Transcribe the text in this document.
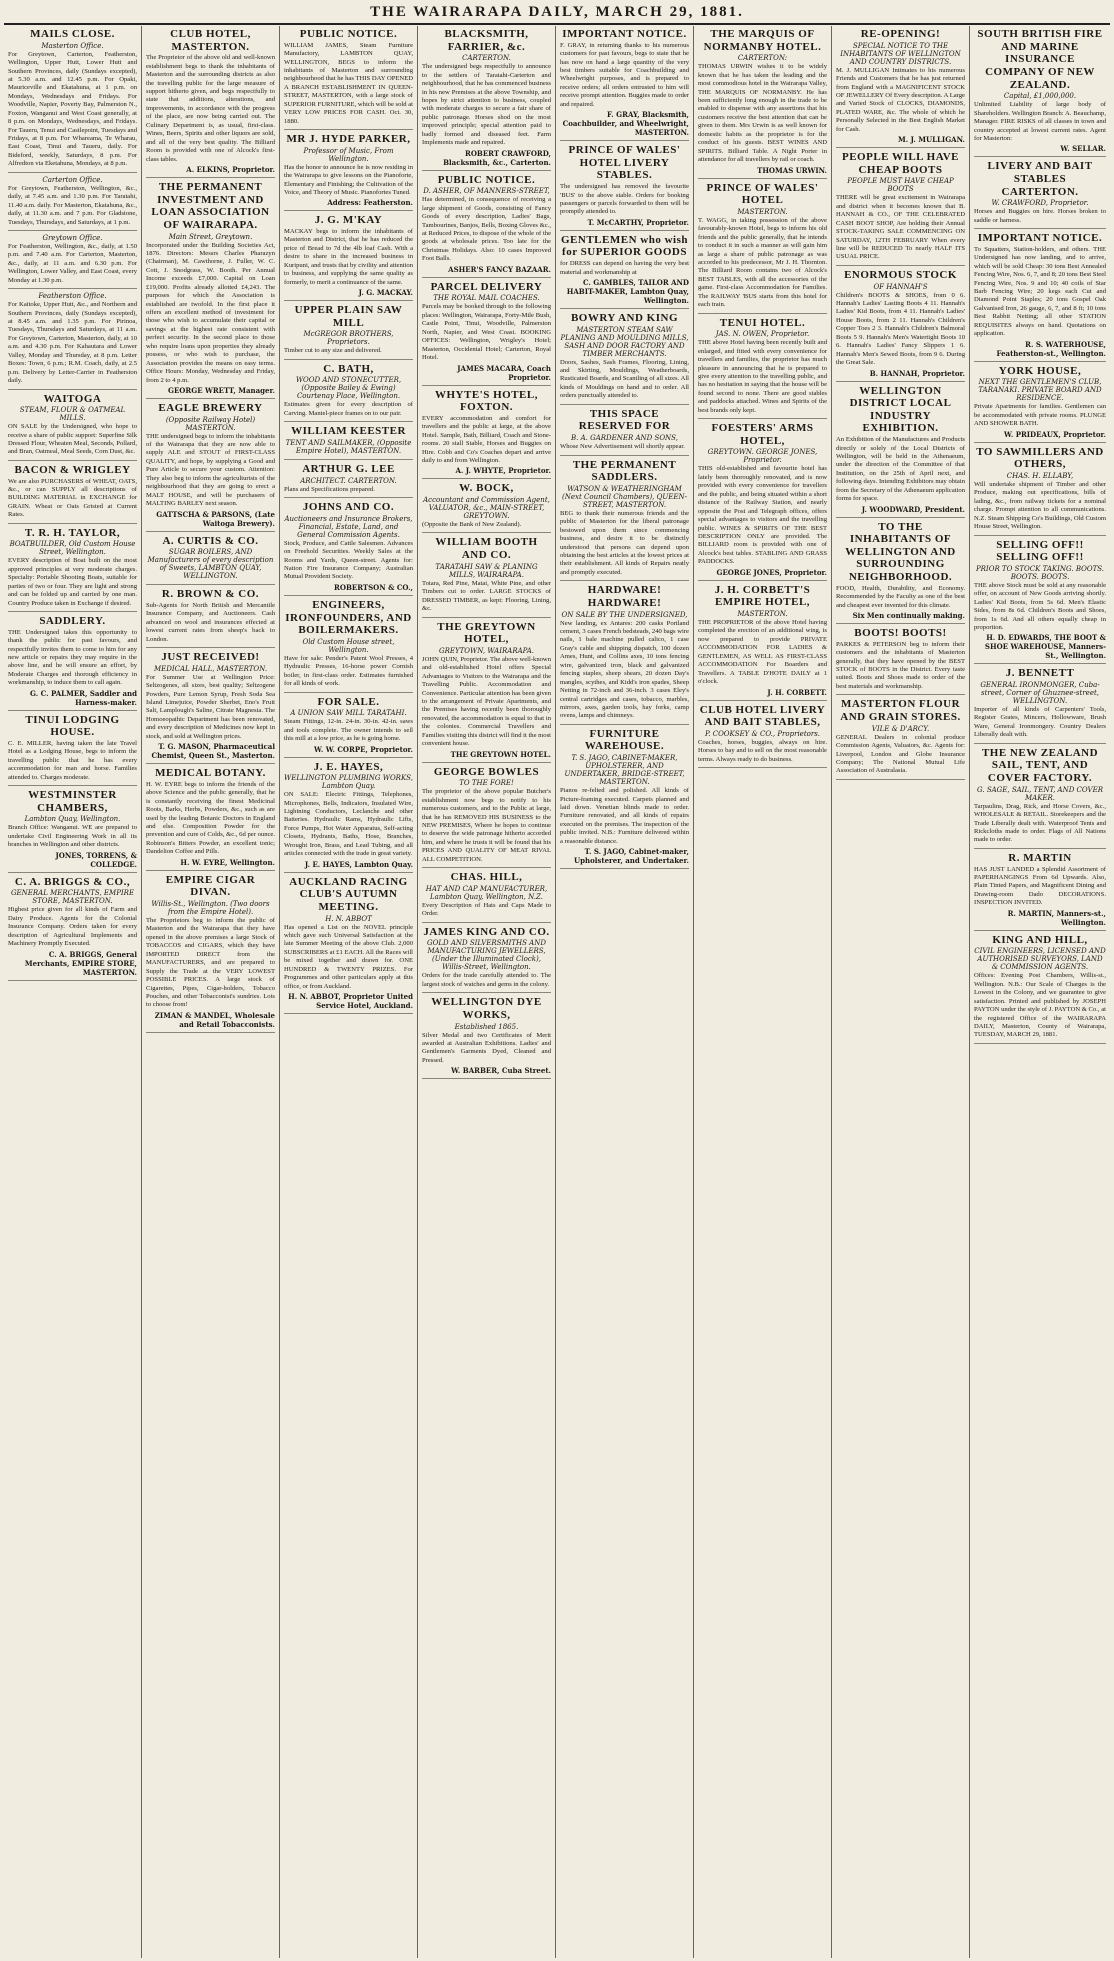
THE WAIRARAPA DAILY, MARCH 29, 1881.
MAILS CLOSE.
Masterton Office.

For Greytown, Carterton, Featherston, Wellington, Upper Hutt, Lower Hutt and Southern Provinces, daily (Sundays excepted), at 5.30 a.m. and 12.45 p.m. For Opaki, Mauriceville and Ekatahuna, at 1 p.m. on Mondays, Wednesdays and Fridays. For Woodville, Napier, Poverty Bay, Palmerston N., Foxton, Wanganui and West Coast generally, at 8 p.m. on Mondays, Wednesdays, and Fridays. For Taueru, Tenui and Castlepoint, Tuesdays and Fridays, at 8 p.m. For Whareama, Te Wharau, East Coast, Tinui and Taueru, daily. For Bideford, weekly, Saturdays, 8 p.m. For Alfredton via Eketahuna, Mondays, at 8 p.m.

Carterton Office.

For Greytown, Featherston, Wellington, &c., daily, at 7.45 a.m. and 1.30 p.m. For Taratahi, 11.40 a.m. daily. For Masterton, Ekatahuna, &c., daily, at 11.30 a.m. and 7 p.m. For Gladstone, Tuesdays, Thursdays, and Saturdays, at 1 p.m.

Greytown Office.

For Featherston, Wellington, &c., daily, at 1.50 p.m. and 7.40 a.m. For Carterton, Masterton, &c., daily, at 11 a.m. and 6.30 p.m. For Wellington, Lower Valley, and East Coast, every Monday at 1.30 p.m.

Featherston Office.

For Kaitoke, Upper Hutt, &c., and Northern and Southern Provinces, daily (Sundays excepted), at 8.45 a.m. and 1.35 p.m. For Pirinoa, Tuesdays, Thursdays and Saturdays, at 11 a.m. For Greytown, Carterton, Masterton, daily, at 10 a.m. and 4.30 p.m. For Kahautara and Lower Valley, Monday and Thursday, at 8 p.m. Letter Boxes: Town, 6 p.m.; R.M. Coach, daily, at 2.5 p.m. Delivery by Letter-Carrier in Featherston daily.

WAITOGA
STEAM, FLOUR & OATMEAL MILLS.

ON SALE by the Undersigned, who hope to receive a share of public support: Superfine Silk Dressed Flour, Wheaten Meal, Seconds, Pollard, and Bran, Oatmeal, Meal Seeds, Corn Dust, &c.

BACON & WRIGLEY

We are also PURCHASERS of WHEAT, OATS, &c., or can SUPPLY all descriptions of BUILDING MATERIAL in EXCHANGE for GRAIN. Wheat or Oats Gristed at Current Rates.

T. R. H. TAYLOR,
BOATBUILDER, Old Custom House Street, Wellington.

EVERY description of Boat built on the most approved principles at very moderate charges. Specialty: Portable Shooting Boats, suitable for parties of two or four. They are light and strong and can be folded up and carried by one man. Country Produce taken in Exchange if desired.

SADDLERY.

THE Undersigned takes this opportunity to thank the public for past favours, and respectfully invites them to come to him for any new article or repairs they may require in the above line, and he will ensure an effort, by Moderate Charges and thorough efficiency in workmanship, to induce them to call again.

G. C. PALMER, Saddler and Harness-maker.
TINUI LODGING HOUSE.

C. E. MILLER, having taken the late Travel Hotel as a Lodging House, begs to inform the travelling public that he has every accommodation for man and horse. Families attended to. Charges moderate.

WESTMINSTER CHAMBERS,
Lambton Quay, Wellington.

Branch Office: Wanganui. WE are prepared to undertake Civil Engineering Work in all its branches in Wellington and other districts.

JONES, TORRENS, & COLLEDGE.
C. A. BRIGGS & CO.,
GENERAL MERCHANTS, EMPIRE STORE, MASTERTON.

Highest price given for all kinds of Farm and Dairy Produce. Agents for the Colonial Insurance Company. Orders taken for every description of Agricultural Implements and Machinery Promptly Executed.

C. A. BRIGGS, General Merchants, EMPIRE STORE, MASTERTON.
CLUB HOTEL, MASTERTON.

The Proprietor of the above old and well-known establishment begs to thank the inhabitants of Masterton and the surrounding districts as also the travelling public for the large measure of support hitherto given, and begs respectfully to state that additions, alterations, and improvements, in accordance with the progress of the place, are now being carried out. The Culinary Department is, as usual, first-class. Wines, Beers, Spirits and other liquors are sold, and all of the very best quality. The Billiard Room is provided with one of Alcock's first-class tables.

A. ELKINS, Proprietor.
THE PERMANENT INVESTMENT AND LOAN ASSOCIATION OF WAIRARAPA.
Main Street, Greytown.

Incorporated under the Building Societies Act, 1876. Directors: Messrs Charles Pharazyn (Chairman), M. Cawthorne, J. Fuller, W. C. Cott, J. Snodgrass, W. Booth. Per Annual Income exceeds £7,000. Capital on Loan £19,000. Profits already allotted £4,243. The purposes for which the Association is established are twofold. In the first place it offers an excellent method of investment for those who wish to accumulate their capital or savings at the highest rate consistent with perfect security. In the second place to those who require loans upon properties they already possess, or who wish to purchase, the Association provides the means on easy terms. Office Hours: Monday, Wednesday and Friday, from 2 to 4 p.m.

GEORGE WRETT, Manager.
EAGLE BREWERY
(Opposite Railway Hotel) MASTERTON.

THE undersigned begs to inform the inhabitants of the Wairarapa that they are now able to supply ALE and STOUT of FIRST-CLASS QUALITY, and hope, by supplying a Good and Pure Article to secure your custom. Attention: They also beg to inform the agriculturists of the neighbourhood that they are going to erect a MALT HOUSE, and will be purchasers of MALTING BARLEY next season.

GATTSCHA & PARSONS, (Late Waitoga Brewery).
A. CURTIS & CO.
SUGAR BOILERS, AND Manufacturers of every description of Sweets, LAMBTON QUAY, WELLINGTON.
R. BROWN & CO.

Sub-Agents for North British and Mercantile Insurance Company, and Auctioneers. Cash advanced on wool and insurances effected at lowest current rates from sheep's back to London.

JUST RECEIVED!
MEDICAL HALL, MASTERTON.

For Summer Use at Wellington Price: Seltzogenes, all sizes, best quality; Seltzogene Powders, Pure Lemon Syrup, Fresh Soda Sea Island Limejuice, Powder Sherbet, Eno's Fruit Salt, Lamplough's Saline, Citrate Magnesia. The Homoeopathic Department has been renovated, and every description of Medicines now kept in stock, and sold at Wellington prices.

T. G. MASON, Pharmaceutical Chemist, Queen St., Masterton.
MEDICAL BOTANY.

H. W. EYRE begs to inform the friends of the above Science and the public generally, that he is constantly receiving the finest Medicinal Roots, Barks, Herbs, Powders, &c., such as are used by the leading Botanic Doctors in England and else. Composition Powder for the prevention and cure of Colds, &c., 6d per ounce. Robinson's Bitters Powder, an excellent tonic; Dandelion Coffee and Pills.

H. W. EYRE, Wellington.
EMPIRE CIGAR DIVAN.
Willis-St., Wellington. (Two doors from the Empire Hotel).

The Proprietors beg to inform the public of Masterton and the Wairarapa that they have opened in the above premises a large Stock of TOBACCOS and CIGARS, which they have IMPORTED DIRECT from the MANUFACTURERS, and are prepared to Supply the Trade at the VERY LOWEST POSSIBLE PRICES. A large stock of Cigarettes, Pipes, Cigar-holders, Tobacco Pouches, and other Tobacconist's sundries. Lots to choose from!

ZIMAN & MANDEL, Wholesale and Retail Tobacconists.
PUBLIC NOTICE.

WILLIAM JAMES, Steam Furniture Manufactory, LAMBTON QUAY, WELLINGTON, BEGS to inform the inhabitants of Masterton and surrounding neighbourhood that he has THIS DAY OPENED A BRANCH ESTABLISHMENT IN QUEEN-STREET, MASTERTON, with a large stock of SUPERIOR FURNITURE, which will be sold at VERY LOW PRICES FOR CASH. Oct. 30, 1880.

MR J. HYDE PARKER,
Professor of Music, From Wellington.

Has the honor to announce he is now residing in the Wairarapa to give lessons on the Pianoforte, Elementary and Finishing; the Cultivation of the Voice, and Theory of Music. Pianofortes Tuned.

Address: Featherston.
J. G. M'KAY

MACKAY begs to inform the inhabitants of Masterton and District, that he has reduced the price of Bread to 7d the 4lb loaf Cash. With a desire to share in the increased business in Kuripuni, and trusts that by civility and attention to business, and supplying the same quality as formerly, to merit a continuance of the same.

J. G. MACKAY.
UPPER PLAIN SAW MILL
McGREGOR BROTHERS, Proprietors.

Timber cut to any size and delivered.

C. BATH,
WOOD AND STONECUTTER, (Opposite Bailey & Ewing) Courtenay Place, Wellington.

Estimates given for every description of Carving. Mantel-piece frames on to our pair.

WILLIAM KEESTER
TENT AND SAILMAKER, (Opposite Empire Hotel), MASTERTON.
ARTHUR G. LEE
ARCHITECT. CARTERTON.

Plans and Specifications prepared.

JOHNS AND CO.
Auctioneers and Insurance Brokers, Financial, Estate, Land, and General Commission Agents.

Stock, Produce, and Cattle Salesmen. Advances on Freehold Securities. Weekly Sales at the Rooms and Yards, Queen-street. Agents for: Nation Fire Insurance Company; Australian Mutual Provident Society.

ROBERTSON & CO.,
ENGINEERS, IRONFOUNDERS, AND BOILERMAKERS.
Old Custom House street, Wellington.

Have for sale: Pender's Patent Wool Presses, 4 Hydraulic Presses, 16-horse power Cornish boiler, in first-class order. Estimates furnished for all kinds of work.

FOR SALE.
A UNION SAW MILL TARATAHI.

Steam Fittings, 12-in. 24-in. 30-in. 42-in. saws and tools complete. The owner intends to sell this mill at a low price, as he is going home.

W. W. CORPE, Proprietor.
J. E. HAYES,
WELLINGTON PLUMBING WORKS, Lambton Quay.

ON SALE: Electric Fittings, Telephones, Microphones, Bells, Indicators, Insulated Wire, Lightning Conductors, Leclanche and other Batteries. Hydraulic Rams, Hydraulic Lifts, Force Pumps, Hot Water Apparatus, Self-acting Closets, Hydrants, Baths, Hose, Branches, Wrought Iron, Brass, and Lead Tubing, and all articles connected with the trade in great variety.

J. E. HAYES, Lambton Quay.
AUCKLAND RACING CLUB'S AUTUMN MEETING.
H. N. ABBOT

Has opened a List on the NOVEL principle which gave such Universal Satisfaction at the late Summer Meeting of the above Club. 2,000 SUBSCRIBERS at £1 EACH. All the Races will be mixed together and drawn for. ONE HUNDRED & TWENTY PRIZES. For Programmes and other particulars apply at this office, or from Auckland.

H. N. ABBOT, Proprietor United Service Hotel, Auckland.
BLACKSMITH, FARRIER, &c.
CARTERTON.

The undersigned begs respectfully to announce to the settlers of Taratahi-Carterton and neighbourhood, that he has commenced business in his new Premises at the above Township, and hopes by strict attention to business, coupled with moderate charges to secure a fair share of public patronage. Horses shod on the most improved principle; special attention paid to badly formed and diseased feet. Farm Implements made and repaired.

ROBERT CRAWFORD, Blacksmith, &c., Carterton.
PUBLIC NOTICE.
D. ASHER, OF MANNERS-STREET,

Has determined, in consequence of receiving a large shipment of Goods, consisting of Fancy Goods of every description, Ladies' Bags, Tambourines, Banjos, Bells, Boxing Gloves &c., at Reduced Prices, to dispose of the whole of the goods at wholesale prices. Too late for the Christmas Holidays. Also: 10 cases Improved Foot Balls.

ASHER'S FANCY BAZAAR.
PARCEL DELIVERY
THE ROYAL MAIL COACHES.

Parcels may be booked through to the following places: Wellington, Wairarapa, Forty-Mile Bush, Castle Point, Tinui, Woodville, Palmerston North, Napier, and West Coast. BOOKING OFFICES: Wellington, Wrigley's Hotel; Masterton, Occidental Hotel; Carterton, Royal Hotel.

JAMES MACARA, Coach Proprietor.
WHYTE'S HOTEL, FOXTON.

EVERY accommodation and comfort for travellers and the public at large, at the above Hotel. Sample, Bath, Billiard, Coach and Stone-rooms. 20 stall Stable, Horses and Buggies on Hire. Cobb and Co's Coaches depart and arrive daily to and from Wellington.

A. J. WHYTE, Proprietor.
W. BOCK,
Accountant and Commission Agent, VALUATOR, &c., MAIN-STREET, GREYTOWN.

(Opposite the Bank of New Zealand).

WILLIAM BOOTH AND CO.
TARATAHI SAW & PLANING MILLS, WAIRARAPA.

Totara, Red Pine, Matai, White Pine, and other Timbers cut to order. LARGE STOCKS of DRESSED TIMBER, as kept: Flooring, Lining, &c.

THE GREYTOWN HOTEL,
GREYTOWN, WAIRARAPA.

JOHN QUIN, Proprietor. The above well-known and old-established Hotel offers Special Advantages to Visitors to the Wairarapa and the Travelling Public. Accommodation and Convenience. Particular attention has been given to the arrangement of Private Apartments, and the Premises having recently been thoroughly renovated, the accommodation is equal to that in the colonies. Commercial Travellers and Families visiting this district will find it the most convenient house.

THE GREYTOWN HOTEL.
GEORGE BOWLES
TO THE FORE!

The proprietor of the above popular Butcher's establishment now begs to notify to his numerous customers, and to the Public at large, that he has REMOVED HIS BUSINESS to the NEW PREMISES, Where he hopes to continue to deserve the wide patronage hitherto accorded him, and where he trusts it will be found that his PRICES AND QUALITY OF MEAT RIVAL ALL COMPETITION.

CHAS. HILL,
HAT AND CAP MANUFACTURER, Lambton Quay, Wellington, N.Z.

Every Description of Hats and Caps Made to Order.

JAMES KING AND CO.
GOLD AND SILVERSMITHS AND MANUFACTURING JEWELLERS, (Under the Illuminated Clock), Willis-Street, Wellington.

Orders for the trade carefully attended to. The largest stock of watches and gems in the colony.

WELLINGTON DYE WORKS,
Established 1865.

Silver Medal and two Certificates of Merit awarded at Australian Exhibitions. Ladies' and Gentlemen's Garments Dyed, Cleaned and Pressed.

W. BARBER, Cuba Street.
IMPORTANT NOTICE.

F. GRAY, in returning thanks to his numerous customers for past favours, begs to state that he has now on hand a large quantity of the very best timbers suitable for Coachbuilding and Wheelwright purposes, and is prepared to receive orders; all orders entrusted to him will receive prompt attention. Buggies made to order and repaired.

F. GRAY, Blacksmith, Coachbuilder, and Wheelwright, MASTERTON.
PRINCE OF WALES' HOTEL LIVERY STABLES.

The undersigned has removed the favourite 'BUS' to the above stable. Orders for booking passengers or parcels forwarded to them will be promptly attended to.

T. McCARTHY, Proprietor.
GENTLEMEN who wish for SUPERIOR GOODS

for DRESS can depend on having the very best material and workmanship at

C. GAMBLES, TAILOR AND HABIT-MAKER, Lambton Quay, Wellington.
BOWRY AND KING
MASTERTON STEAM SAW PLANING AND MOULDING MILLS, SASH AND DOOR FACTORY AND TIMBER MERCHANTS.

Doors, Sashes, Sash Frames, Flooring, Lining, and Skirting, Mouldings, Weatherboards, Rusticated Boards, and Scantling of all sizes. All kinds of Mouldings on hand and to order. All orders punctually attended to.

THIS SPACE RESERVED FOR
B. A. GARDENER AND SONS,

Whose New Advertisement will shortly appear.

THE PERMANENT SADDLERS.
WATSON & WEATHERINGHAM (Next Council Chambers), QUEEN-STREET, MASTERTON.

BEG to thank their numerous friends and the public of Masterton for the liberal patronage bestowed upon them since commencing business, and desire it to be distinctly understood that persons can depend upon obtaining the best articles at the lowest prices at their establishment. All kinds of Repairs neatly and promptly executed.

HARDWARE! HARDWARE!
ON SALE BY THE UNDERSIGNED,

New landing, ex Antares: 200 casks Portland cement, 3 cases French bedsteads, 240 bags wire nails, 1 bale machine pulled calico, 1 case Gray's cable and shipping dispatch, 100 dozen Ames, Hunt, and Collins axes, 10 tons fencing wire, galvanized iron, black and galvanized fencing staples, sheep shears, 20 dozen Day's mangles, scythes, and Kidd's iron spades, Sheep Netting in 72-inch and 36-inch. 3 cases Eley's central cartridges and cases, tobacco, marbles, mirrors, axes, garden tools, hay forks, camp ovens, lamps and chimneys.

FURNITURE WAREHOUSE.
T. S. JAGO, CABINET-MAKER, UPHOLSTERER, AND UNDERTAKER, BRIDGE-STREET, MASTERTON.

Pianos re-felted and polished. All kinds of Picture-framing executed. Carpets planned and laid down. Venetian blinds made to order. Furniture renovated, and all kinds of repairs executed on the premises. The inspection of the public invited. N.B.: Furniture delivered within a reasonable distance.

T. S. JAGO, Cabinet-maker, Upholsterer, and Undertaker.
THE MARQUIS OF NORMANBY HOTEL.
CARTERTON:

THOMAS URWIN wishes it to be widely known that he has taken the leading and the most commodious hotel in the Wairarapa Valley, THE MARQUIS OF NORMANBY. He has been sufficiently long enough in the trade to be enabled to dispense with any assertions that his customers receive the best attention that can be given to them. Mrs Urwin is as well known for domestic habits as the proprietor is for the conduct of his guests. BEST WINES AND SPIRITS. Billiard Table. A Night Porter in attendance for all travellers by rail or coach.

THOMAS URWIN.
PRINCE OF WALES' HOTEL
MASTERTON.

T. WAGG, in taking possession of the above favourably-known Hotel, begs to inform his old friends and the public generally, that he intends to conduct it in such a manner as will gain him as large a share of public patronage as was accorded to his predecessor, Mr J. H. Thornton. The Billiard Room contains two of Alcock's BEST TABLES, with all the accessories of the game. First-class Accommodation for Families. The RAILWAY 'BUS starts from this hotel for each train.

TENUI HOTEL.
JAS. N. OWEN, Proprietor.

THE above Hotel having been recently built and enlarged, and fitted with every convenience for travellers and families, the proprietor has much pleasure in announcing that he is prepared to give every attention to the travelling public, and has no hesitation in saying that the house will be found second to none. There are good stables and paddocks attached. Wines and Spirits of the best brands only kept.

FOESTERS' ARMS HOTEL,
GREYTOWN. GEORGE JONES, Proprietor.

THIS old-established and favourite hotel has lately been thoroughly renovated, and is now provided with every convenience for travellers and the public, and being situated within a short distance of the Railway Station, and nearly opposite the Post and Telegraph offices, offers special advantages to visitors and the travelling public. WINES & SPIRITS OF THE BEST DESCRIPTION ONLY are provided. The BILLIARD room is provided with one of Alcock's best tables. STABLING AND GRASS PADDOCKS.

GEORGE JONES, Proprietor.
J. H. CORBETT'S EMPIRE HOTEL,
MASTERTON.

THE PROPRIETOR of the above Hotel having completed the erection of an additional wing, is now prepared to provide PRIVATE ACCOMMODATION FOR LADIES & GENTLEMEN, AS WELL AS FIRST-CLASS ACCOMMODATION For Boarders and Travellers. A TABLE D'HOTE DAILY at 1 o'clock.

J. H. CORBETT.
CLUB HOTEL LIVERY AND BAIT STABLES,
P. COOKSEY & CO., Proprietors.

Coaches, horses, buggies, always on hire. Horses to bay and to sell on the most reasonable terms. Always ready to do business.

RE-OPENING!
SPECIAL NOTICE TO THE INHABITANTS OF WELLINGTON AND COUNTRY DISTRICTS.

M. J. MULLIGAN Intimates to his numerous Friends and Customers that he has just returned from England with a MAGNIFICENT STOCK OF JEWELLERY Of Every description. A Large and Varied Stock of CLOCKS, DIAMONDS, PLATED WARE, &c. The whole of which he Personally Selected in the Best English Market for Cash.

M. J. MULLIGAN.
PEOPLE WILL HAVE CHEAP BOOTS
PEOPLE MUST HAVE CHEAP BOOTS

THERE will be great excitement in Wairarapa and district when it becomes known that B. HANNAH & CO., OF THE CELEBRATED CASH BOOT SHOP, Are holding their Annual STOCK-TAKING SALE COMMENCING ON SATURDAY, 12TH FEBRUARY When every line will be REDUCED To nearly HALF ITS USUAL PRICE.

ENORMOUS STOCK
OF HANNAH'S

Children's BOOTS & SHOES, from 0 6. Hannah's Ladies' Lasting Boots 4 11. Hannah's Ladies' Kid Boots, from 4 11. Hannah's Ladies' House Boots, from 2 11. Hannah's Children's Copper Toes 2 3. Hannah's Children's Balmoral Boots 5 9. Hannah's Men's Watertight Boots 10 6. Hannah's Ladies' Fancy Slippers 1 6. Hannah's Men's Sewed Boots, from 9 6. During the Great Sale.

B. HANNAH, Proprietor.
WELLINGTON DISTRICT LOCAL INDUSTRY EXHIBITION.

An Exhibition of the Manufactures and Products directly or solely of the Local Districts of Wellington, will be held in the Athenaeum, under the direction of the Committee of that Institution, on the 25th of April next, and following days. Intending Exhibitors may obtain from the Secretary of the Athenaeum application forms for space.

J. WOODWARD, President.
TO THE INHABITANTS OF WELLINGTON AND SURROUNDING NEIGHBORHOOD.

FOOD, Health, Durability, and Economy. Recommended by the Faculty as one of the best and cheapest ever invented for this climate.

Six Men continually making.
BOOTS! BOOTS!

PARKES & PETERSON beg to inform their customers and the inhabitants of Masterton generally, that they have opened by the BEST STOCK of BOOTS in the District. Every taste suited. Boots and Shoes made to order of the best materials and workmanship.

MASTERTON FLOUR AND GRAIN STORES.
VILE & D'ARCY.

GENERAL Dealers in colonial produce Commission Agents, Valuators, &c. Agents for: Liverpool, London and Globe Insurance Company; The National Mutual Life Association of Australasia.

SOUTH BRITISH FIRE AND MARINE INSURANCE COMPANY OF NEW ZEALAND.
Capital, £1,000,000.

Unlimited Liability of large body of Shareholders. Wellington Branch: A. Beauchamp, Manager. FIRE RISKS of all classes in town and country accepted at lowest current rates. Agent for Masterton:

W. SELLAR.
LIVERY AND BAIT STABLES CARTERTON.
W. CRAWFORD, Proprietor.

Horses and Buggies on hire. Horses broken to saddle or harness.

IMPORTANT NOTICE.

To Squatters, Station-holders, and others. THE Undersigned has now landing, and to arrive, which will be sold Cheap: 30 tons Best Annealed Fencing Wire, Nos. 6, 7, and 8; 20 tons Best Steel Fencing Wire, Nos. 9 and 10; 40 coils of Star Barb Fencing Wire; 20 kegs each Cut and Diamond Point Staples; 20 tons Gospel Oak Galvanised Iron, 26 gauge, 6, 7, and 8 ft; 10 tons Best Rabbit Netting; all other STATION REQUISITES always on hand. Quotations on application.

R. S. WATERHOUSE, Featherston-st., Wellington.
YORK HOUSE,
NEXT THE GENTLEMEN'S CLUB, TARANAKI. PRIVATE BOARD AND RESIDENCE.

Private Apartments for families. Gentlemen can be accommodated with private rooms. PLUNGE AND SHOWER BATH.

W. PRIDEAUX, Proprietor.
TO SAWMILLERS AND OTHERS,
CHAS. H. ELLABY,

Will undertake shipment of Timber and other Produce, making out specifications, bills of lading, &c., from railway tickets for a nominal charge. Prompt attention to all communications. N.Z. Steam Shipping Co's Buildings, Old Custom House Street, Wellington.

SELLING OFF!! SELLING OFF!!
PRIOR TO STOCK TAKING. BOOTS. BOOTS. BOOTS.

THE above Stock must be sold at any reasonable offer, on account of New Goods arriving shortly. Ladies' Kid Boots, from 5s 6d. Men's Elastic Sides, from 8s 6d. Children's Boots and Shoes, from 1s 6d. And all others equally cheap in proportion.

H. D. EDWARDS, THE BOOT & SHOE WAREHOUSE, Manners-St., Wellington.
J. BENNETT
GENERAL IRONMONGER, Cuba-street, Corner of Ghuznee-street, WELLINGTON.

Importer of all kinds of Carpenters' Tools, Register Grates, Mincers, Hollowware, Brush Ware, General Ironmongery. Country Dealers Liberally dealt with.

THE NEW ZEALAND SAIL, TENT, AND COVER FACTORY.
G. SAGE, SAIL, TENT, AND COVER MAKER.

Tarpaulins, Drag, Rick, and Horse Covers, &c., WHOLESALE & RETAIL. Storekeepers and the Trade Liberally dealt with. Waterproof Tents and Rickcloths made to order. Flags of All Nations made to order.

R. MARTIN

HAS JUST LANDED a Splendid Assortment of PAPERHANGINGS From 6d Upwards. Also, Plain Tinted Papers, and Magnificent Dining and Drawing-room Dado DECORATIONS. INSPECTION INVITED.

R. MARTIN, Manners-st., Wellington.
KING AND HILL,
CIVIL ENGINEERS, LICENSED AND AUTHORISED SURVEYORS, LAND & COMMISSION AGENTS.

Offices: Evening Post Chambers, Willis-st., Wellington. N.B.: Our Scale of Charges is the Lowest in the Colony, and we guarantee to give satisfaction. Printed and published by JOSEPH PAYTON under the style of J. PAYTON & Co., at the registered Office of the WAIRARAPA DAILY, Masterton, County of Wairarapa, TUESDAY, MARCH 29, 1881.
